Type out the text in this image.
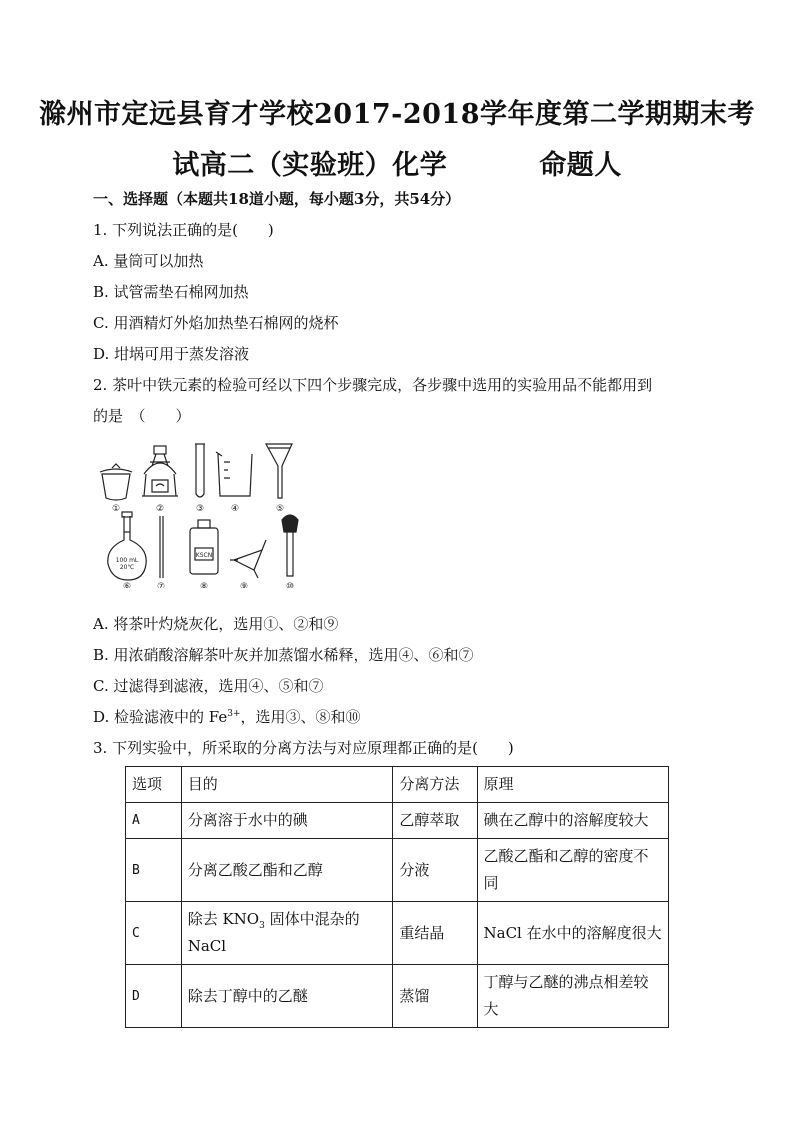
滁州市定远县育才学校2017-2018学年度第二学期期末考
试高二（实验班）化学	命题人
一、选择题（本题共18道小题，每小题3分，共54分）
1. 下列说法正确的是(　　)
A. 量筒可以加热
B. 试管需垫石棉网加热
C. 用酒精灯外焰加热垫石棉网的烧杯
D. 坩埚可用于蒸发溶液
2. 茶叶中铁元素的检验可经以下四个步骤完成，各步骤中选用的实验用品不能都用到
的是　（　　）
100 mL
20℃
KSCN
①	②	③	④	⑤
⑥	⑦	⑧	⑨	⑩
A. 将茶叶灼烧灰化，选用①、②和⑨
B. 用浓硝酸溶解茶叶灰并加蒸馏水稀释，选用④、⑥和⑦
C. 过滤得到滤液，选用④、⑤和⑦
D. 检验滤液中的 $Fe^{3+}$，选用③、⑧和⑩
3. 下列实验中，所采取的分离方法与对应原理都正确的是(　　)
选项	目的	分离方法	原理
A	分离溶于水中的碘	乙醇萃取	碘在乙醇中的溶解度较大
B	分离乙酸乙酯和乙醇	分液	乙酸乙酯和乙醇的密度不同
C	除去 $KNO_3$ 固体中混杂的 NaCl	重结晶	NaCl 在水中的溶解度很大
D	除去丁醇中的乙醚	蒸馏	丁醇与乙醚的沸点相差较大
